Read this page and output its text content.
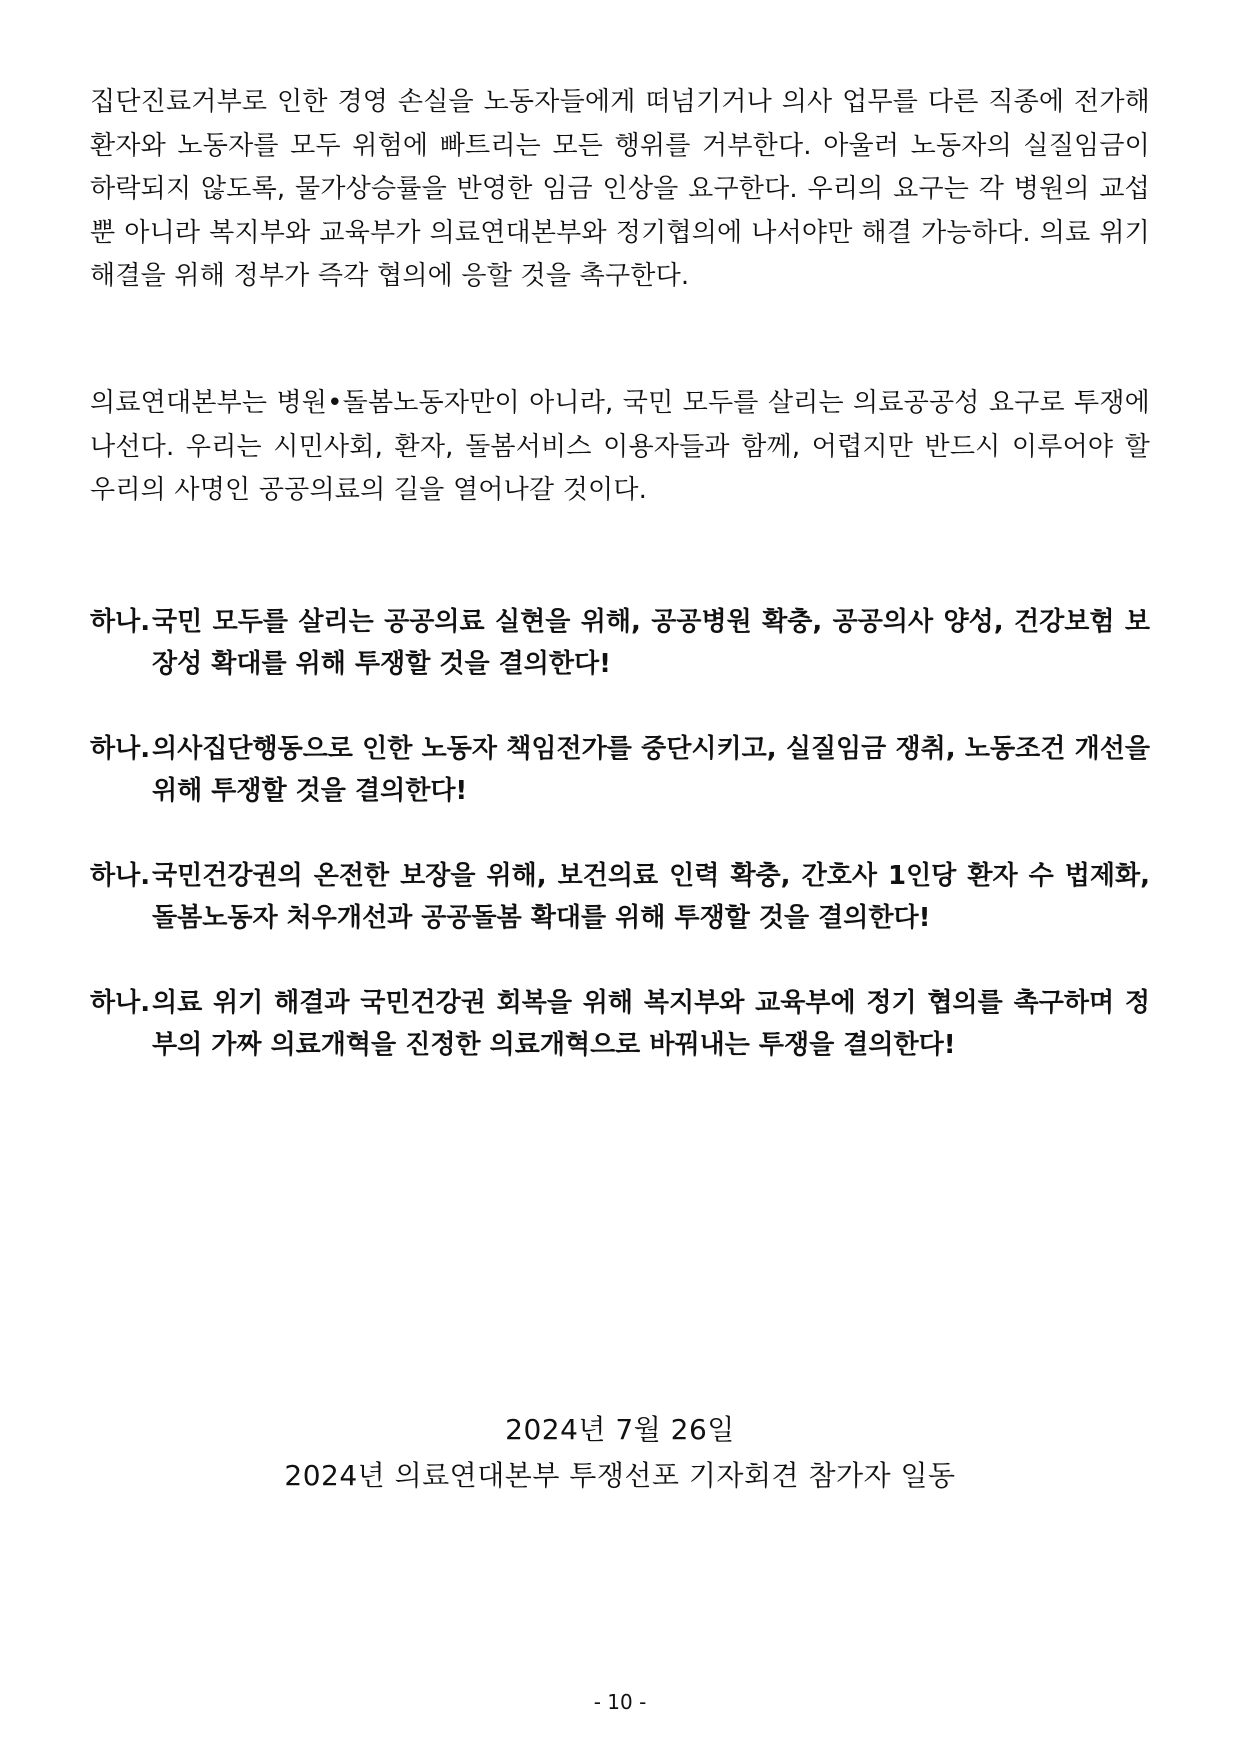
집단진료거부로 인한 경영 손실을 노동자들에게 떠넘기거나 의사 업무를 다른 직종에 전가해 환자와 노동자를 모두 위험에 빠트리는 모든 행위를 거부한다. 아울러 노동자의 실질임금이 하락되지 않도록, 물가상승률을 반영한 임금 인상을 요구한다. 우리의 요구는 각 병원의 교섭 뿐 아니라 복지부와 교육부가 의료연대본부와 정기협의에 나서야만 해결 가능하다. 의료 위기 해결을 위해 정부가 즉각 협의에 응할 것을 촉구한다.

의료연대본부는 병원•돌봄노동자만이 아니라, 국민 모두를 살리는 의료공공성 요구로 투쟁에 나선다. 우리는 시민사회, 환자, 돌봄서비스 이용자들과 함께, 어렵지만 반드시 이루어야 할 우리의 사명인 공공의료의 길을 열어나갈 것이다.

하나. 국민 모두를 살리는 공공의료 실현을 위해, 공공병원 확충, 공공의사 양성, 건강보험 보장성 확대를 위해 투쟁할 것을 결의한다!
하나. 의사집단행동으로 인한 노동자 책임전가를 중단시키고, 실질임금 쟁취, 노동조건 개선을 위해 투쟁할 것을 결의한다!
하나. 국민건강권의 온전한 보장을 위해, 보건의료 인력 확충, 간호사 1인당 환자 수 법제화, 돌봄노동자 처우개선과 공공돌봄 확대를 위해 투쟁할 것을 결의한다!
하나. 의료 위기 해결과 국민건강권 회복을 위해 복지부와 교육부에 정기 협의를 촉구하며 정부의 가짜 의료개혁을 진정한 의료개혁으로 바꿔내는 투쟁을 결의한다!
2024년 7월 26일
2024년 의료연대본부 투쟁선포 기자회견 참가자 일동
- 10 -
